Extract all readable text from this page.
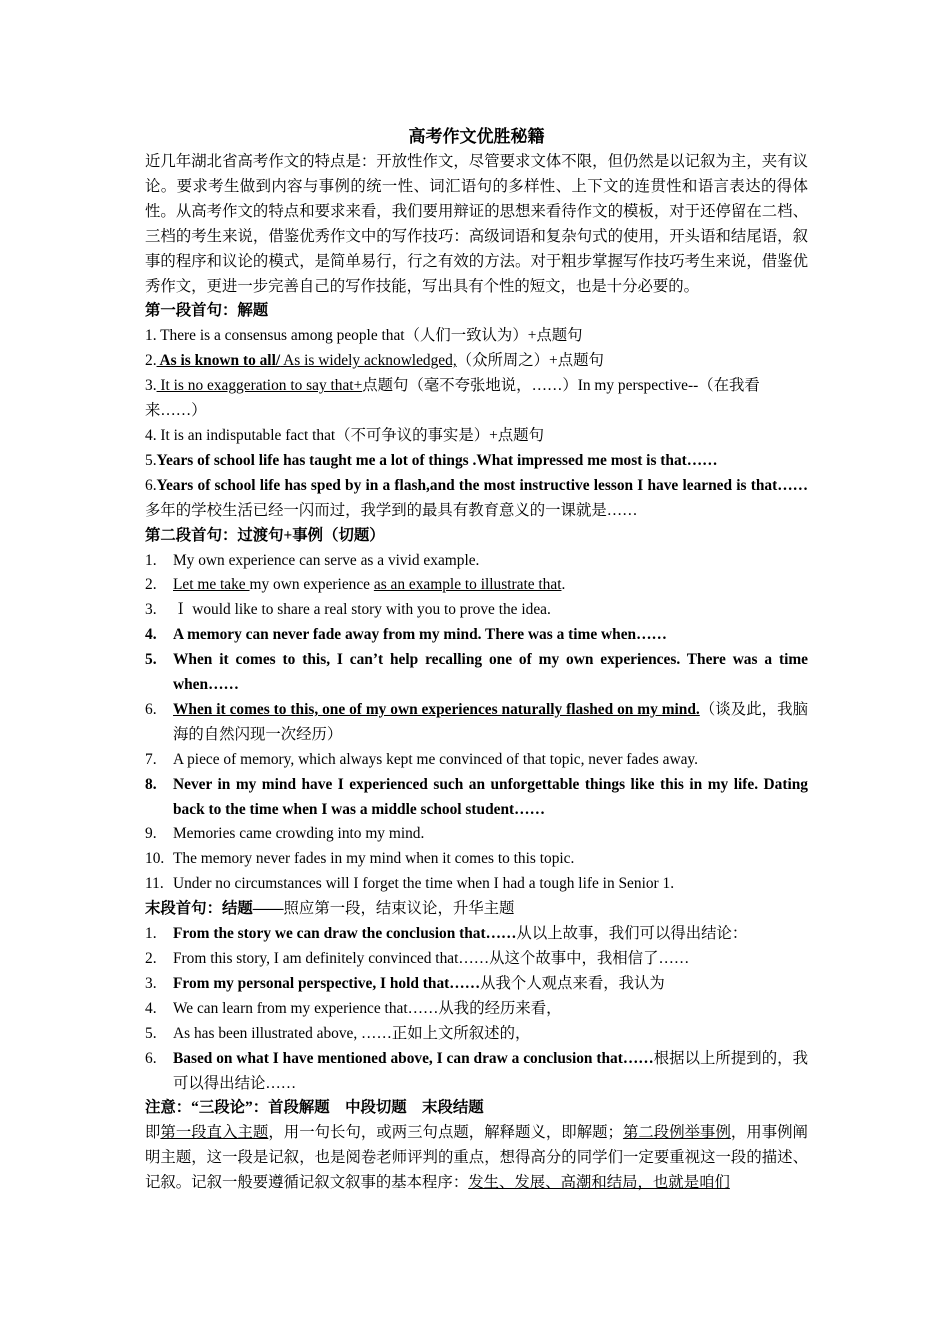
高考作文优胜秘籍

近几年湖北省高考作文的特点是：开放性作文，尽管要求文体不限，但仍然是以记叙为主，夹有议论。要求考生做到内容与事例的统一性、词汇语句的多样性、上下文的连贯性和语言表达的得体性。从高考作文的特点和要求来看，我们要用辩证的思想来看待作文的模板，对于还停留在二档、三档的考生来说，借鉴优秀作文中的写作技巧：高级词语和复杂句式的使用，开头语和结尾语，叙事的程序和议论的模式，是简单易行，行之有效的方法。对于粗步掌握写作技巧考生来说，借鉴优秀作文，更进一步完善自己的写作技能，写出具有个性的短文，也是十分必要的。

第一段首句：解题

1. There is a consensus among people that（人们一致认为）+点题句

2. As is known to all/ As is widely acknowledged,（众所周之）+点题句

3. It is no exaggeration to say that+点题句（毫不夸张地说，……）In my perspective--（在我看来……）

4. It is an indisputable fact that（不可争议的事实是）+点题句

5.Years of school life has taught me a lot of things .What impressed me most is that……

6.Years of school life has sped by in a flash,and the most instructive lesson I have learned is that……多年的学校生活已经一闪而过，我学到的最具有教育意义的一课就是……

第二段首句：过渡句+事例（切题）

1.	My own experience can serve as a vivid example.
2.	Let me take my own experience as an example to illustrate that.
3.	Ｉ would like to share a real story with you to prove the idea.
4.	A memory can never fade away from my mind. There was a time when……
5.	When it comes to this, I can’t help recalling one of my own experiences. There was a time when……
6.	When it comes to this, one of my own experiences naturally flashed on my mind.（谈及此，我脑海的自然闪现一次经历）
7.	A piece of memory, which always kept me convinced of that topic, never fades away.
8.	Never in my mind have I experienced such an unforgettable things like this in my life. Dating back to the time when I was a middle school student……
9.	Memories came crowding into my mind.
10. The memory never fades in my mind when it comes to this topic.
11. Under no circumstances will I forget the time when I had a tough life in Senior 1.

末段首句：结题——照应第一段，结束议论，升华主题

1.	From the story we can draw the conclusion that……从以上故事，我们可以得出结论：
2.	From this story, I am definitely convinced that……从这个故事中，我相信了……
3.	From my personal perspective, I hold that……从我个人观点来看，我认为
4.	We can learn from my experience that……从我的经历来看，
5.	As has been illustrated above, ……正如上文所叙述的，
6.	Based on what I have mentioned above, I can draw a conclusion that……根据以上所提到的，我可以得出结论……

注意：“三段论”：首段解题　中段切题　末段结题

即第一段直入主题，用一句长句，或两三句点题，解释题义，即解题；第二段例举事例，用事例阐明主题，这一段是记叙，也是阅卷老师评判的重点，想得高分的同学们一定要重视这一段的描述、记叙。记叙一般要遵循记叙文叙事的基本程序：发生、发展、高潮和结局，也就是咱们
